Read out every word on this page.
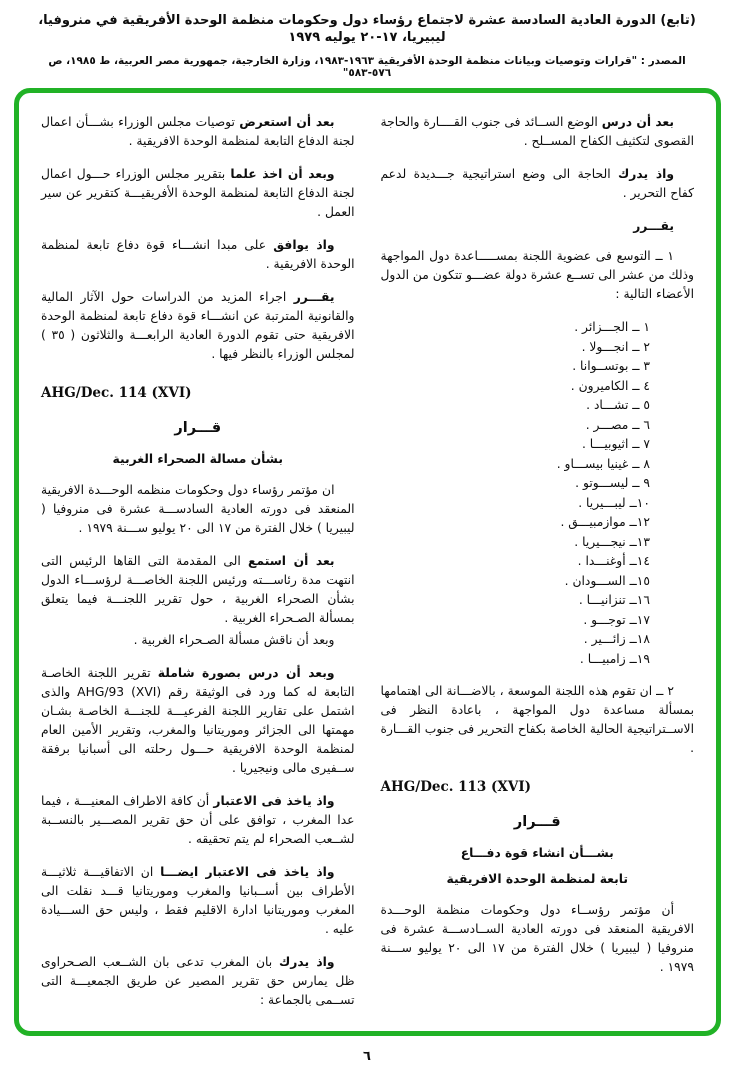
(تابع) الدورة العادية السادسة عشرة لاجتماع رؤساء دول وحكومات منظمة الوحدة الأفريقية في منروفيا، ليبيريا، ١٧-٢٠ يوليه ١٩٧٩
المصدر : "قرارات وتوصيات وبيانات منظمة الوحدة الأفريقية ١٩٦٣-١٩٨٣، وزارة الخارجية، جمهورية مصر العربية، ط ١٩٨٥، ص ٥٧٦-٥٨٣"

بعد أن درس الوضع الســائد فى جنوب القــــارة والحاجة القصوى لتكثيف الكفاح المســلح .

واذ يدرك الحاجة الى وضع استراتيجية جـــديدة لدعم كفاح التحرير .

يقـــرر

١ ــ التوسع فى عضوية اللجنة بمســـــاعدة دول المواجهة وذلك من عشر الى تســع عشرة دولة عضـــو تتكون من الدول الأعضاء التالية :

١ ــ الجـــزائر .
٢ ــ انجـــولا .
٣ ــ بوتســوانا .
٤ ــ الكاميرون .
٥ ــ تشـــاد .
٦ ــ مصـــر .
٧ ــ اثيوبيـــا .
٨ ــ غينيا بيســـاو .
٩ ــ ليســـوتو .
١٠ــ ليبـــيريا .
١٢ــ موازمبيـــق .
١٣ــ نيجـــيريا .
١٤ــ أوغنـــدا .
١٥ــ الســـودان .
١٦ــ تنزانيـــا .
١٧ــ توجـــو .
١٨ــ زائـــير .
١٩ــ زامبيـــا .

٢ ــ ان تقوم هذه اللجنة الموسعة ، بالاضـــانة الى اهتمامها بمسألة مساعدة دول المواجهة ، باعادة النظر فى الاســتراتيجية الحالية الخاصة بكفاح التحرير فى جنوب القـــارة .

AHG/Dec. 113 (XVI)
قـــرار
بشـــأن انشاء قوة دفـــاع
تابعة لمنظمة الوحدة الافريقية

أن مؤتمر رؤســاء دول وحكومات منظمة الوحـــدة الافريقية المنعقد فى دورته العادية الســادســـة عشرة فى منروفيا ( ليبيريا ) خلال الفترة من ١٧ الى ٢٠ يوليو ســـنة ١٩٧٩ .

بعد أن استعرض توصيات مجلس الوزراء بشـــأن اعمال لجنة الدفاع التابعة لمنظمة الوحدة الافريقية .

وبعد أن اخذ علما بتقرير مجلس الوزراء حـــول اعمال لجنة الدفاع التابعة لمنظمة الوحدة الأفريقيـــة كتقرير عن سير العمل .

واذ يوافق على مبدا انشـــاء قوة دفاع تابعة لمنظمة الوحدة الافريقية .

يقـــرر اجراء المزيد من الدراسات حول الآثار المالية والقانونية المترتبة عن انشـــاء قوة دفاع تابعة لمنظمة الوحدة الافريقية حتى تقوم الدورة العادية الرابعـــة والثلاثون ( ٣٥ ) لمجلس الوزراء بالنظر فيها .

AHG/Dec. 114 (XVI)
قـــرار
بشأن مسالة الصحراء الغربية

ان مؤتمر رؤساء دول وحكومات منظمه الوحـــدة الافريقية المنعقد فى دورته العادية السادســـة عشرة فى منروفيا ( ليبيريا ) خلال الفترة من ١٧ الى ٢٠ يوليو ســـنة ١٩٧٩ .

بعد أن استمع الى المقدمة التى القاها الرئيس التى انتهت مدة رئاســـته ورئيس اللجنة الخاصـــة لرؤســـاء الدول بشأن الصحراء الغربية ، حول تقرير اللجنـــة فيما يتعلق بمسألة الصـحراء الغربية .

وبعد أن ناقش مسألة الصـحراء الغربية .

وبعد أن درس بصورة شاملة تقرير اللجنة الخاصـة التابعة له كما ورد فى الوثيقة رقم AHG/93 (XVI) والذى اشتمل على تقارير اللجنة الفرعيـــة للجنـــة الخاصـة بشـان مهمتها الى الجزائر وموريتانيا والمغرب، وتقرير الأمين العام لمنظمة الوحدة الافريقية حـــول رحلته الى أسبانيا برفقة ســفيرى مالى ونيجيريا .

واذ ياخذ فى الاعتبار أن كافة الاطراف المعنيـــة ، فيما عدا المغرب ، توافق على أن حق تقرير المصـــير بالنســبة لشــعب الصحراء لم يتم تحقيقه .

واذ ياخذ فى الاعتبار ايضـــا ان الاتفاقيـــة ثلاثيـــة الأطراف بين أســبانيا والمغرب وموريتانيا قـــد نقلت الى المغرب وموريتانيا ادارة الاقليم فقط ، وليس حق الســـيادة عليه .

واذ يدرك بان المغرب تدعى بان الشــعب الصـحراوى ظل يمارس حق تقرير المصير عن طريق الجمعيـــة التى تســمى بالجماعة :

٦
